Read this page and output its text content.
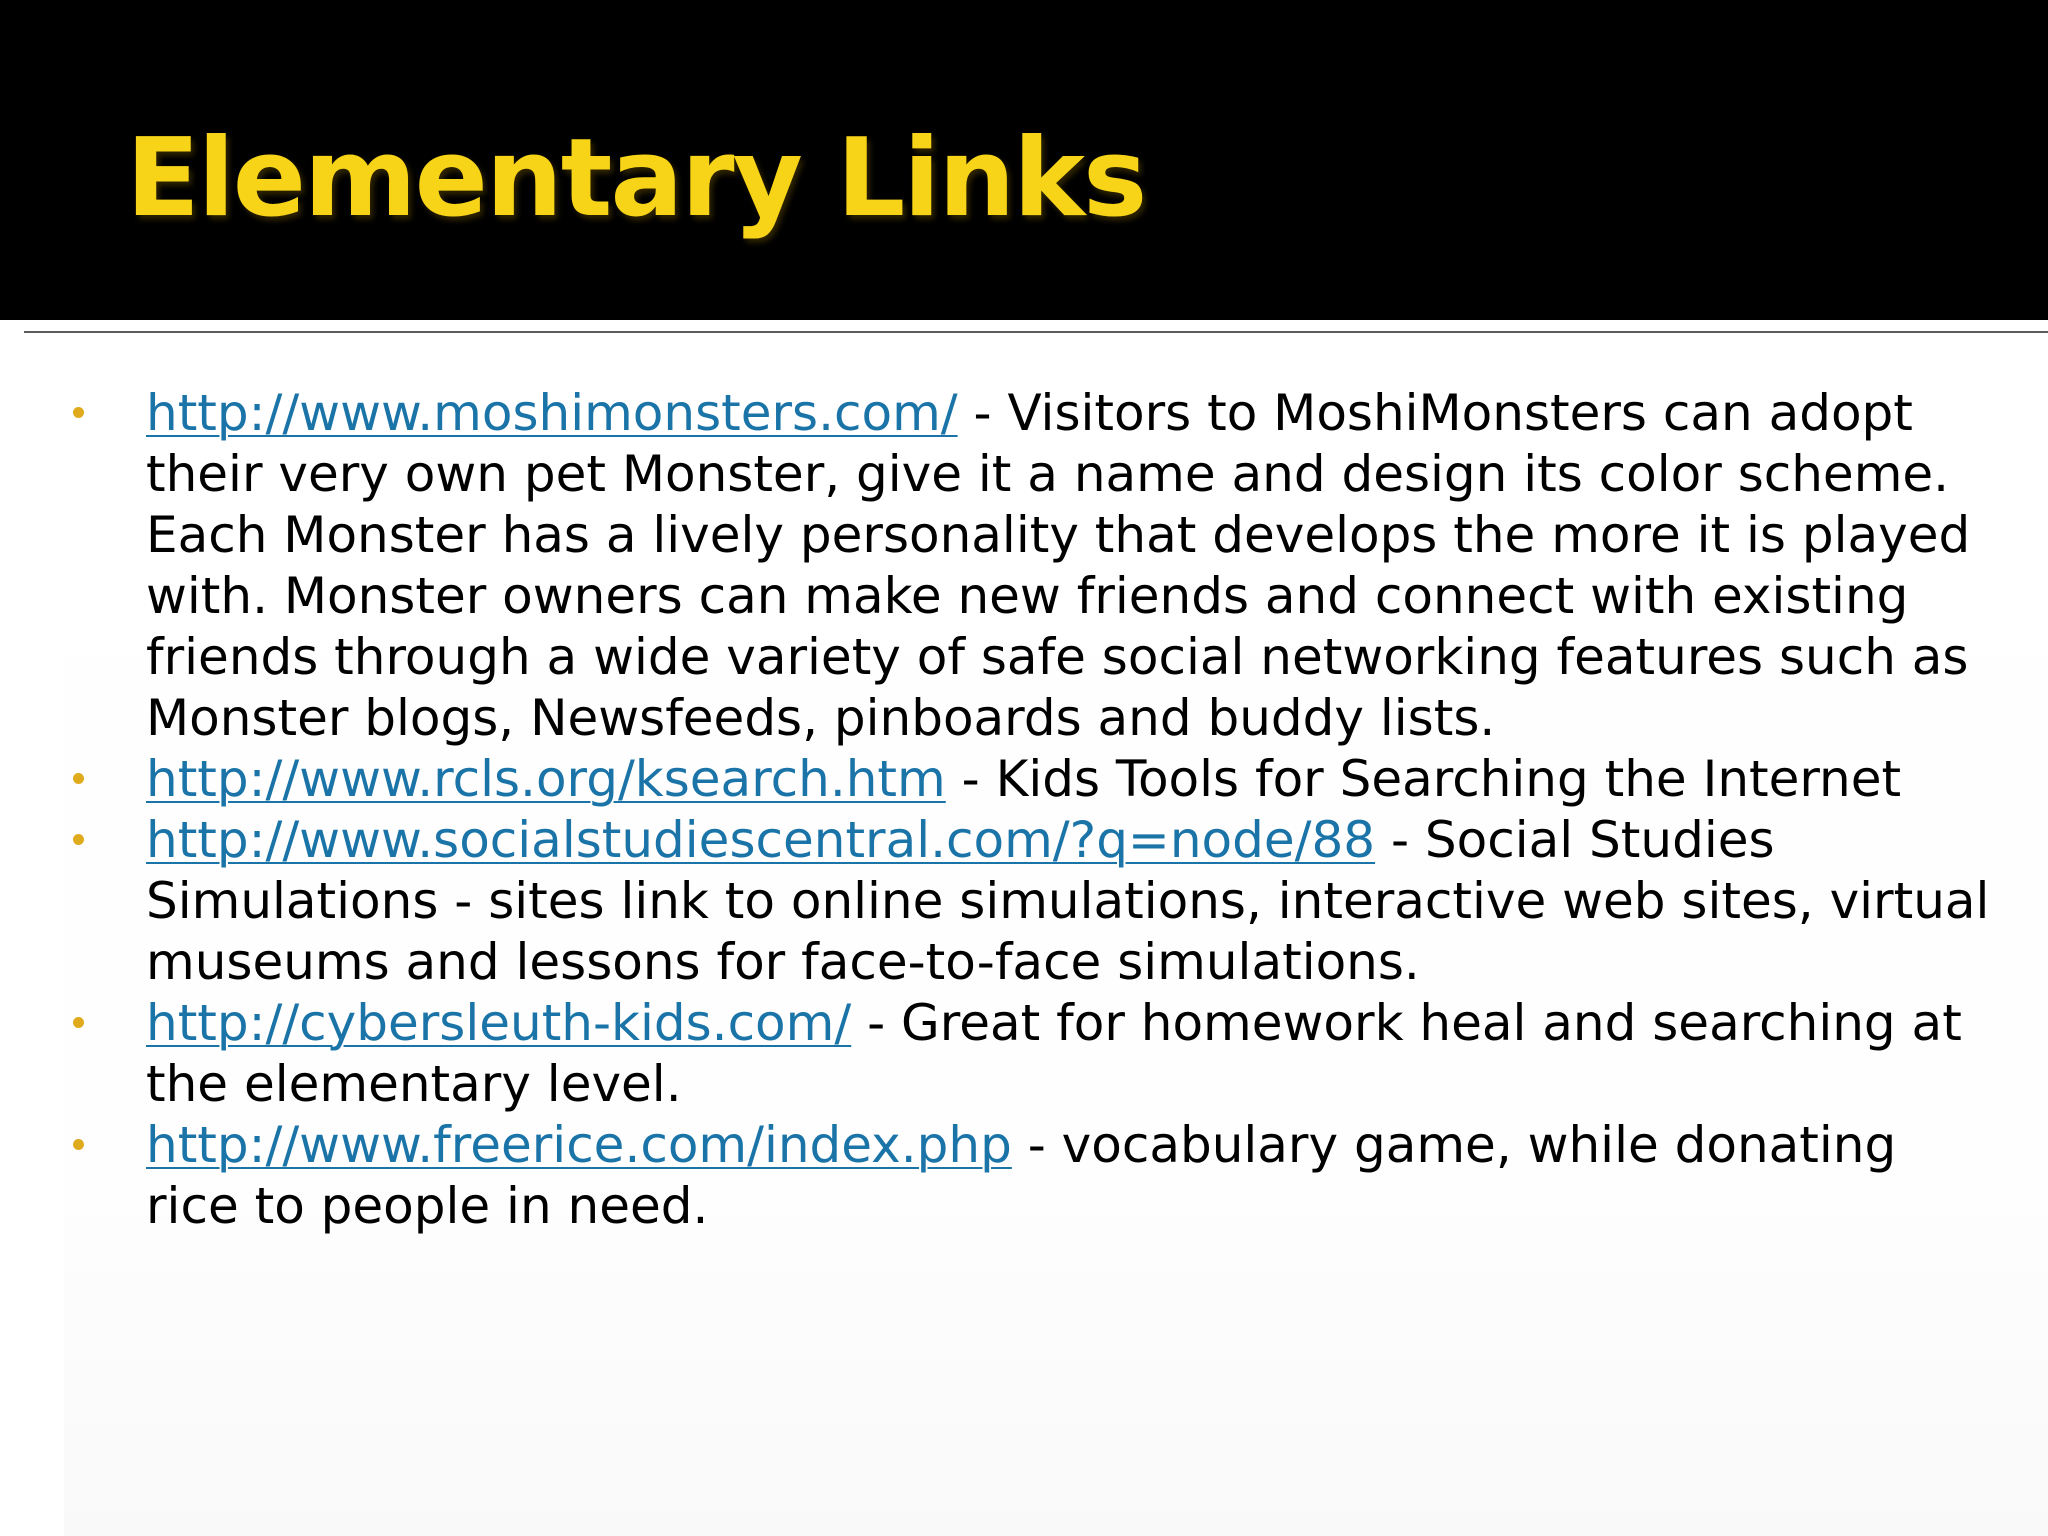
Elementary Links
http://www.moshimonsters.com/ - Visitors to MoshiMonsters can adopt their very own pet Monster, give it a name and design its color scheme. Each Monster has a lively personality that develops the more it is played with. Monster owners can make new friends and connect with existing friends through a wide variety of safe social networking features such as Monster blogs, Newsfeeds, pinboards and buddy lists.
http://www.rcls.org/ksearch.htm - Kids Tools for Searching the Internet
http://www.socialstudiescentral.com/?q=node/88 - Social Studies Simulations - sites link to online simulations, interactive web sites, virtual museums and lessons for face-to-face simulations.
http://cybersleuth-kids.com/ - Great for homework heal and searching at the elementary level.
http://www.freerice.com/index.php - vocabulary game, while donating rice to people in need.
